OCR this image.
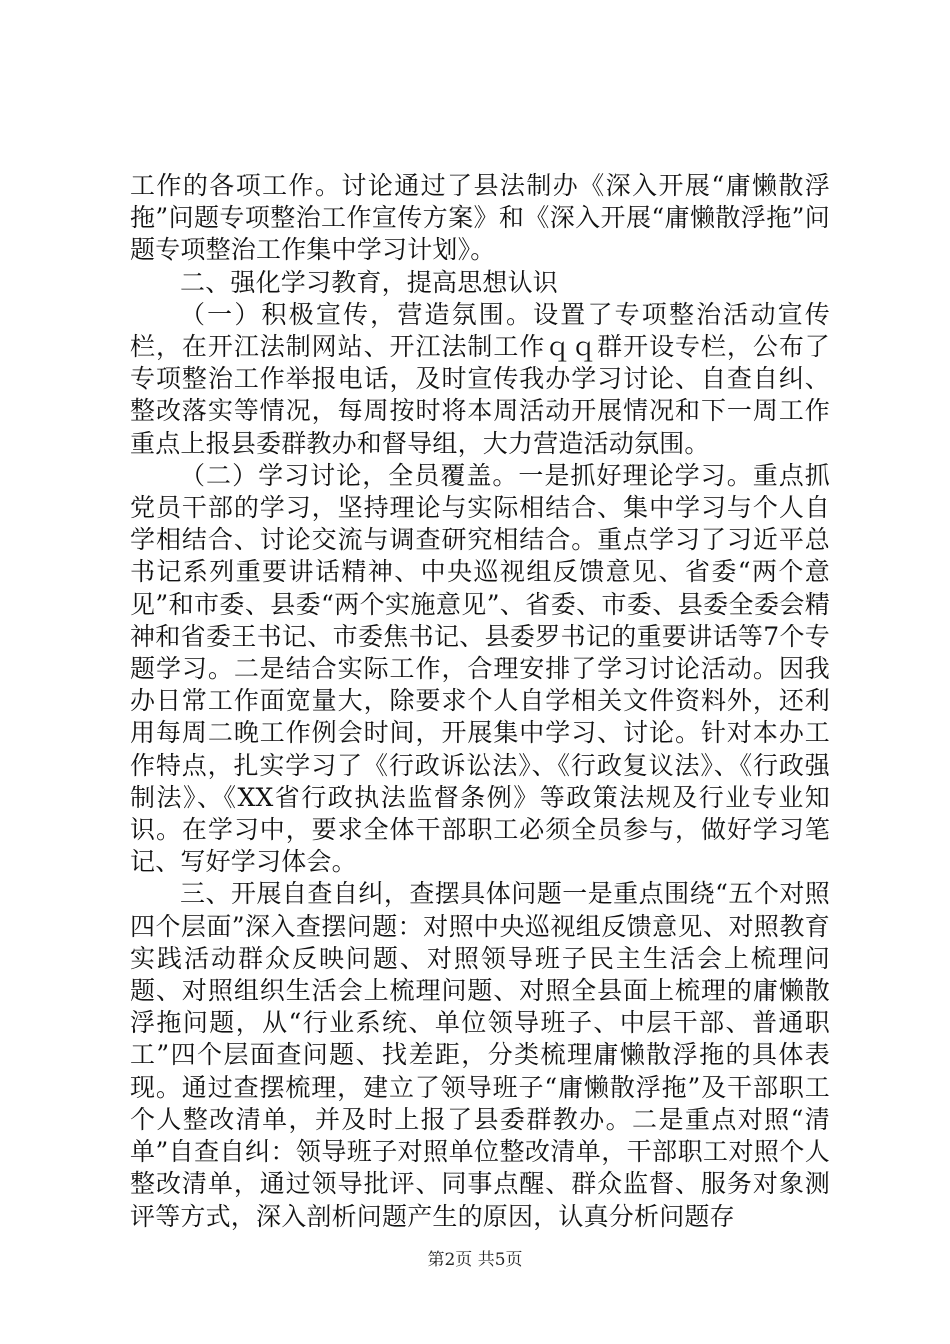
工作的各项工作。讨论通过了县法制办《深入开展“庸懒散浮拖”问题专项整治工作宣传方案》和《深入开展“庸懒散浮拖”问题专项整治工作集中学习计划》。

二、强化学习教育，提高思想认识

（一）积极宣传，营造氛围。设置了专项整治活动宣传栏，在开江法制网站、开江法制工作ｑｑ群开设专栏，公布了专项整治工作举报电话，及时宣传我办学习讨论、自查自纠、整改落实等情况，每周按时将本周活动开展情况和下一周工作重点上报县委群教办和督导组，大力营造活动氛围。

（二）学习讨论，全员覆盖。一是抓好理论学习。重点抓党员干部的学习，坚持理论与实际相结合、集中学习与个人自学相结合、讨论交流与调查研究相结合。重点学习了习近平总书记系列重要讲话精神、中央巡视组反馈意见、省委“两个意见”和市委、县委“两个实施意见”、省委、市委、县委全委会精神和省委王书记、市委焦书记、县委罗书记的重要讲话等7个专题学习。二是结合实际工作，合理安排了学习讨论活动。因我办日常工作面宽量大，除要求个人自学相关文件资料外，还利用每周二晚工作例会时间，开展集中学习、讨论。针对本办工作特点，扎实学习了《行政诉讼法》、《行政复议法》、《行政强制法》、《XX省行政执法监督条例》等政策法规及行业专业知识。在学习中，要求全体干部职工必须全员参与，做好学习笔记、写好学习体会。

三、开展自查自纠，查摆具体问题一是重点围绕“五个对照四个层面”深入查摆问题：对照中央巡视组反馈意见、对照教育实践活动群众反映问题、对照领导班子民主生活会上梳理问题、对照组织生活会上梳理问题、对照全县面上梳理的庸懒散浮拖问题，从“行业系统、单位领导班子、中层干部、普通职工”四个层面查问题、找差距，分类梳理庸懒散浮拖的具体表现。通过查摆梳理，建立了领导班子“庸懒散浮拖”及干部职工个人整改清单，并及时上报了县委群教办。二是重点对照“清单”自查自纠：领导班子对照单位整改清单，干部职工对照个人整改清单，通过领导批评、同事点醒、群众监督、服务对象测评等方式，深入剖析问题产生的原因，认真分析问题存

第2页 共5页
